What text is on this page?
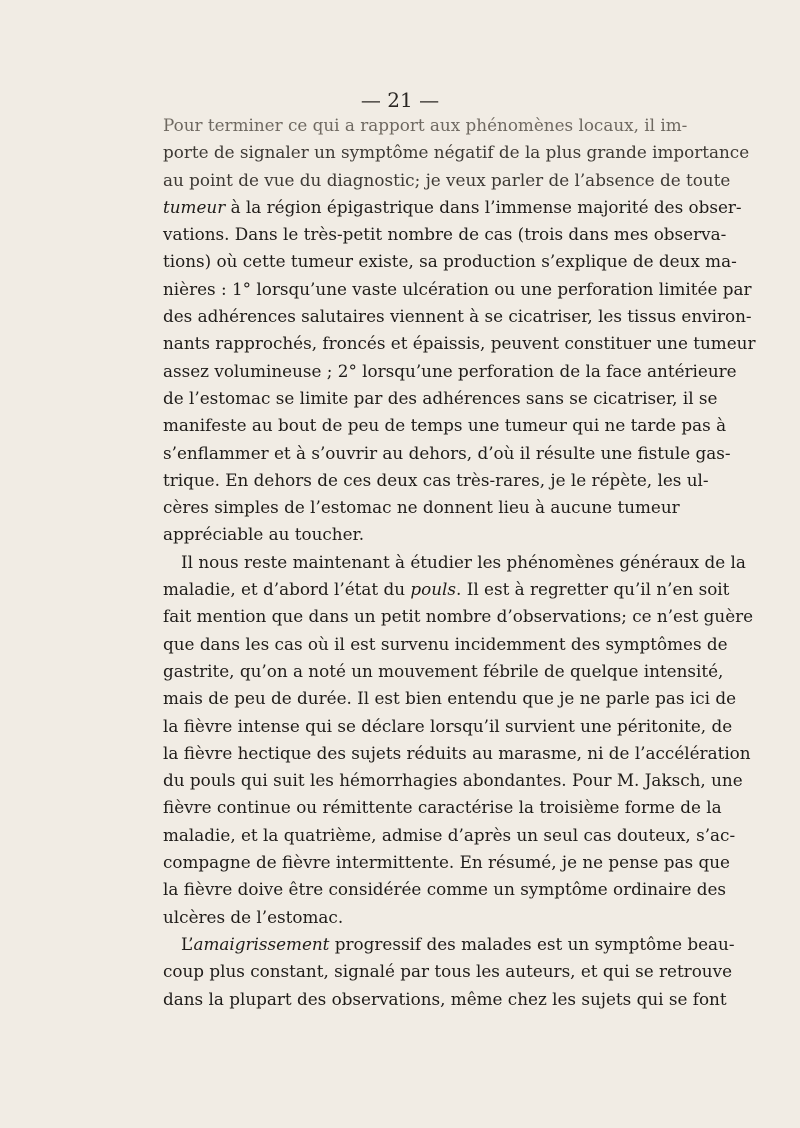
— 21 —
Pour terminer ce qui a rapport aux phénomènes locaux, il im-
porte de signaler un symptôme négatif de la plus grande importance
au point de vue du diagnostic; je veux parler de l’absence de toute
tumeur à la région épigastrique dans l’immense majorité des obser-
vations. Dans le très-petit nombre de cas (trois dans mes observa-
tions) où cette tumeur existe, sa production s’explique de deux ma-
nières : 1° lorsqu’une vaste ulcération ou une perforation limitée par
des adhérences salutaires viennent à se cicatriser, les tissus environ-
nants rapprochés, froncés et épaissis, peuvent constituer une tumeur
assez volumineuse ; 2° lorsqu’une perforation de la face antérieure
de l’estomac se limite par des adhérences sans se cicatriser, il se
manifeste au bout de peu de temps une tumeur qui ne tarde pas à
s’enflammer et à s’ouvrir au dehors, d’où il résulte une fistule gas-
trique. En dehors de ces deux cas très-rares, je le répète, les ul-
cères simples de l’estomac ne donnent lieu à aucune tumeur
appréciable au toucher.
Il nous reste maintenant à étudier les phénomènes généraux de la
maladie, et d’abord l’état du pouls. Il est à regretter qu’il n’en soit
fait mention que dans un petit nombre d’observations; ce n’est guère
que dans les cas où il est survenu incidemment des symptômes de
gastrite, qu’on a noté un mouvement fébrile de quelque intensité,
mais de peu de durée. Il est bien entendu que je ne parle pas ici de
la fièvre intense qui se déclare lorsqu’il survient une péritonite, de
la fièvre hectique des sujets réduits au marasme, ni de l’accélération
du pouls qui suit les hémorrhagies abondantes. Pour M. Jaksch, une
fièvre continue ou rémittente caractérise la troisième forme de la
maladie, et la quatrième, admise d’après un seul cas douteux, s’ac-
compagne de fièvre intermittente. En résumé, je ne pense pas que
la fièvre doive être considérée comme un symptôme ordinaire des
ulcères de l’estomac.
L’amaigrissement progressif des malades est un symptôme beau-
coup plus constant, signalé par tous les auteurs, et qui se retrouve
dans la plupart des observations, même chez les sujets qui se font
